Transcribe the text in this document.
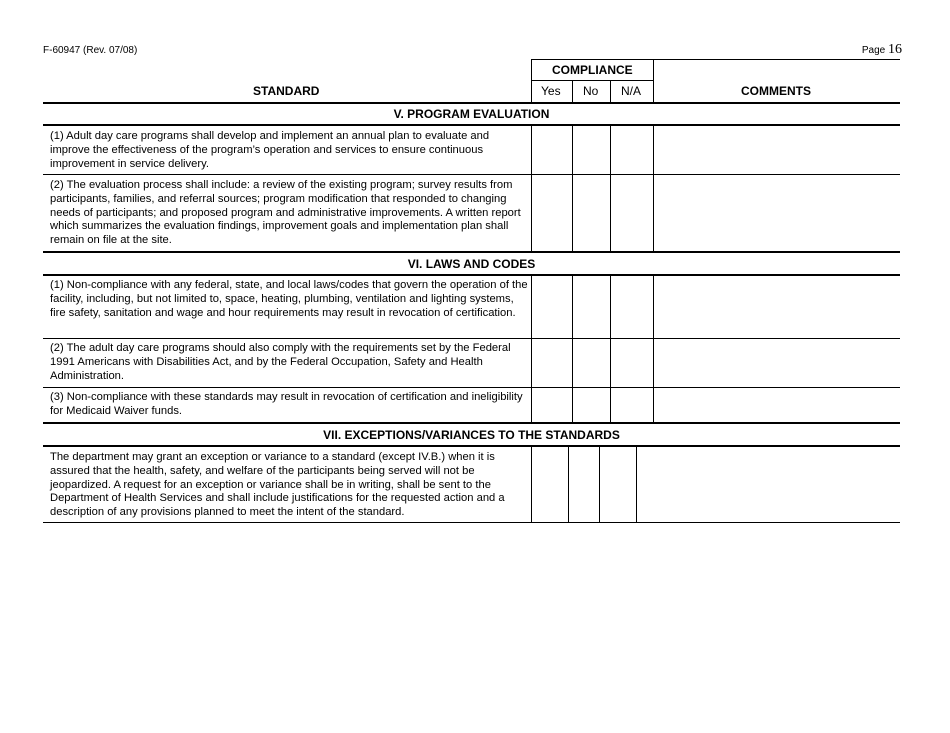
F-60947 (Rev. 07/08)	Page 16
STANDARD
COMPLIANCE
Yes No N/A	COMMENTS
V. PROGRAM EVALUATION
(1) Adult day care programs shall develop and implement an annual plan to evaluate and improve the effectiveness of the program’s operation and services to ensure continuous improvement in service delivery.
(2) The evaluation process shall include: a review of the existing program; survey results from participants, families, and referral sources; program modification that responded to changing needs of participants; and proposed program and administrative improvements. A written report which summarizes the evaluation findings, improvement goals and implementation plan shall remain on file at the site.
VI. LAWS AND CODES
(1) Non-compliance with any federal, state, and local laws/codes that govern the operation of the facility, including, but not limited to, space, heating, plumbing, ventilation and lighting systems, fire safety, sanitation and wage and hour requirements may result in revocation of certification.
(2) The adult day care programs should also comply with the requirements set by the Federal 1991 Americans with Disabilities Act, and by the Federal Occupation, Safety and Health Administration.
(3) Non-compliance with these standards may result in revocation of certification and ineligibility for Medicaid Waiver funds.
VII. EXCEPTIONS/VARIANCES TO THE STANDARDS
The department may grant an exception or variance to a standard (except IV.B.) when it is assured that the health, safety, and welfare of the participants being served will not be jeopardized. A request for an exception or variance shall be in writing, shall be sent to the Department of Health Services and shall include justifications for the requested action and a description of any provisions planned to meet the intent of the standard.
